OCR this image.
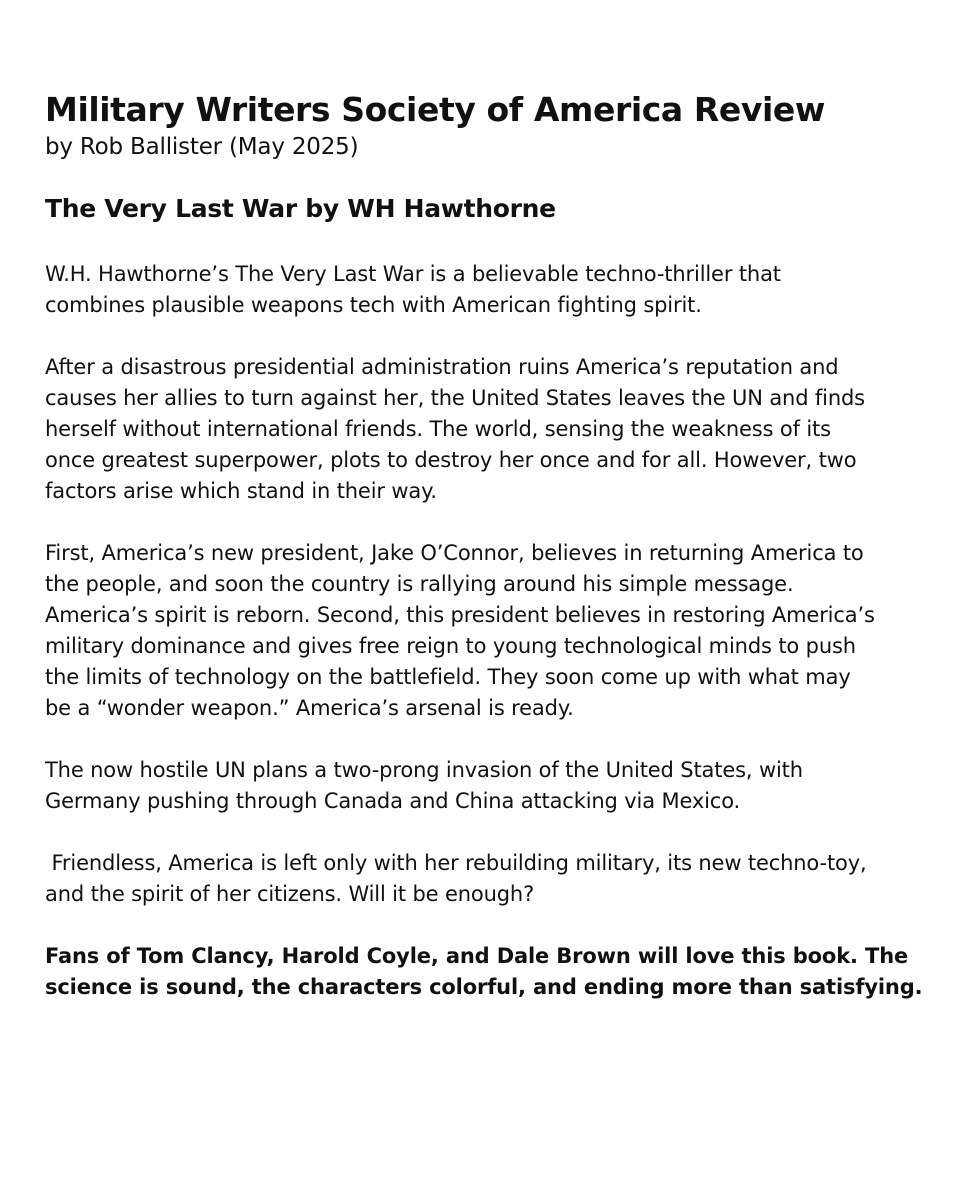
Military Writers Society of America Review

by Rob Ballister (May 2025)

The Very Last War by WH Hawthorne

W.H. Hawthorne’s The Very Last War is a believable techno-thriller that
combines plausible weapons tech with American fighting spirit.

After a disastrous presidential administration ruins America’s reputation and
causes her allies to turn against her, the United States leaves the UN and finds
herself without international friends. The world, sensing the weakness of its
once greatest superpower, plots to destroy her once and for all. However, two
factors arise which stand in their way.

First, America’s new president, Jake O’Connor, believes in returning America to
the people, and soon the country is rallying around his simple message.
America’s spirit is reborn. Second, this president believes in restoring America’s
military dominance and gives free reign to young technological minds to push
the limits of technology on the battlefield. They soon come up with what may
be a “wonder weapon.” America’s arsenal is ready.

The now hostile UN plans a two-prong invasion of the United States, with
Germany pushing through Canada and China attacking via Mexico.

Friendless, America is left only with her rebuilding military, its new techno-toy,
and the spirit of her citizens. Will it be enough?

Fans of Tom Clancy, Harold Coyle, and Dale Brown will love this book. The
science is sound, the characters colorful, and ending more than satisfying.
